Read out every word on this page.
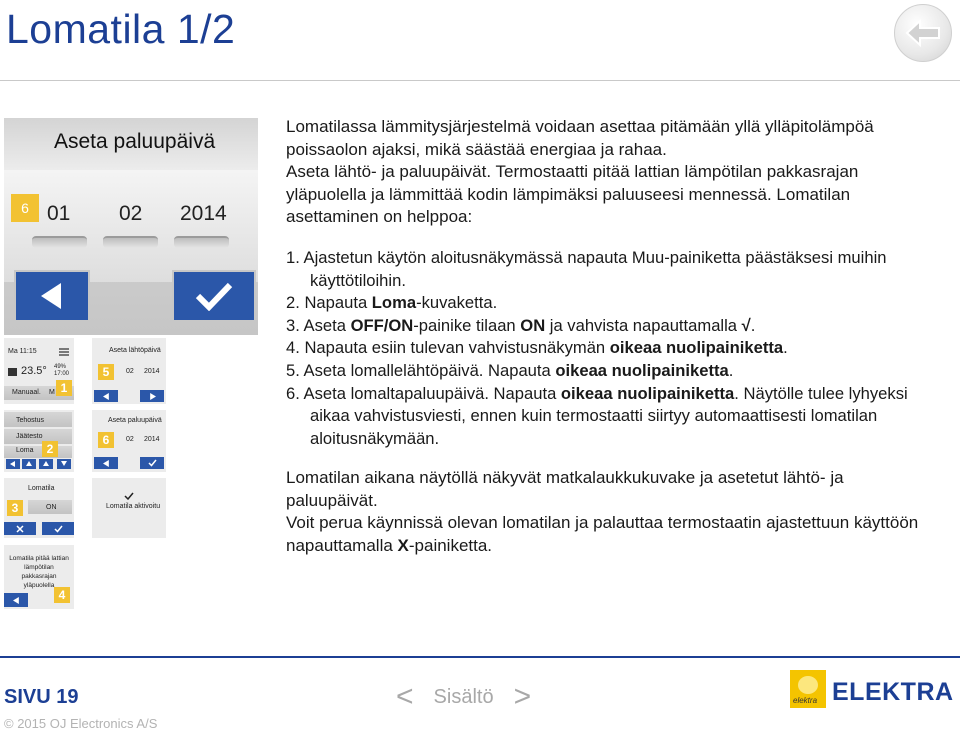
Lomatila 1/2
Aseta paluupäivä
6 01 02 2014
Ma 11:15
23.5° 49%
17:00
Manuaal. M 1
Tehostus
Jäätesto
Loma	2
Lomatila
3	ON
Lomatila pitää lattian lämpötilan pakkasrajan yläpuolella
4
Aseta lähtöpäivä
5	02 2014
Aseta paluupäivä
6	02 2014
Lomatila aktivoitu
Lomatilassa lämmitysjärjestelmä voidaan asettaa pitämään yllä ylläpitolämpöä
poissaolon ajaksi, mikä säästää energiaa ja rahaa.
Aseta lähtö- ja paluupäivät. Termostaatti pitää lattian lämpötilan pakkasrajan
yläpuolella ja lämmittää kodin lämpimäksi paluuseesi mennessä. Lomatilan
asettaminen on helppoa:
1. Ajastetun käytön aloitusnäkymässä napauta Muu-painiketta päästäksesi muihin
käyttötiloihin.
2. Napauta Loma-kuvaketta.
3. Aseta OFF/ON-painike tilaan ON ja vahvista napauttamalla √.
4. Napauta esiin tulevan vahvistusnäkymän oikeaa nuolipainiketta.
5. Aseta lomallelähtöpäivä. Napauta oikeaa nuolipainiketta.
6. Aseta lomaltapaluupäivä. Napauta oikeaa nuolipainiketta. Näytölle tulee lyhyeksi
aikaa vahvistusviesti, ennen kuin termostaatti siirtyy automaattisesti lomatilan
aloitusnäkymään.
Lomatilan aikana näytöllä näkyvät matkalaukkukuvake ja asetetut lähtö- ja
paluupäivät.
Voit perua käynnissä olevan lomatilan ja palauttaa termostaatin ajastettuun käyttöön
napauttamalla X-painiketta.
SIVU 19	< Sisältö >
© 2015 OJ Electronics A/S
elektra ELEKTRA
